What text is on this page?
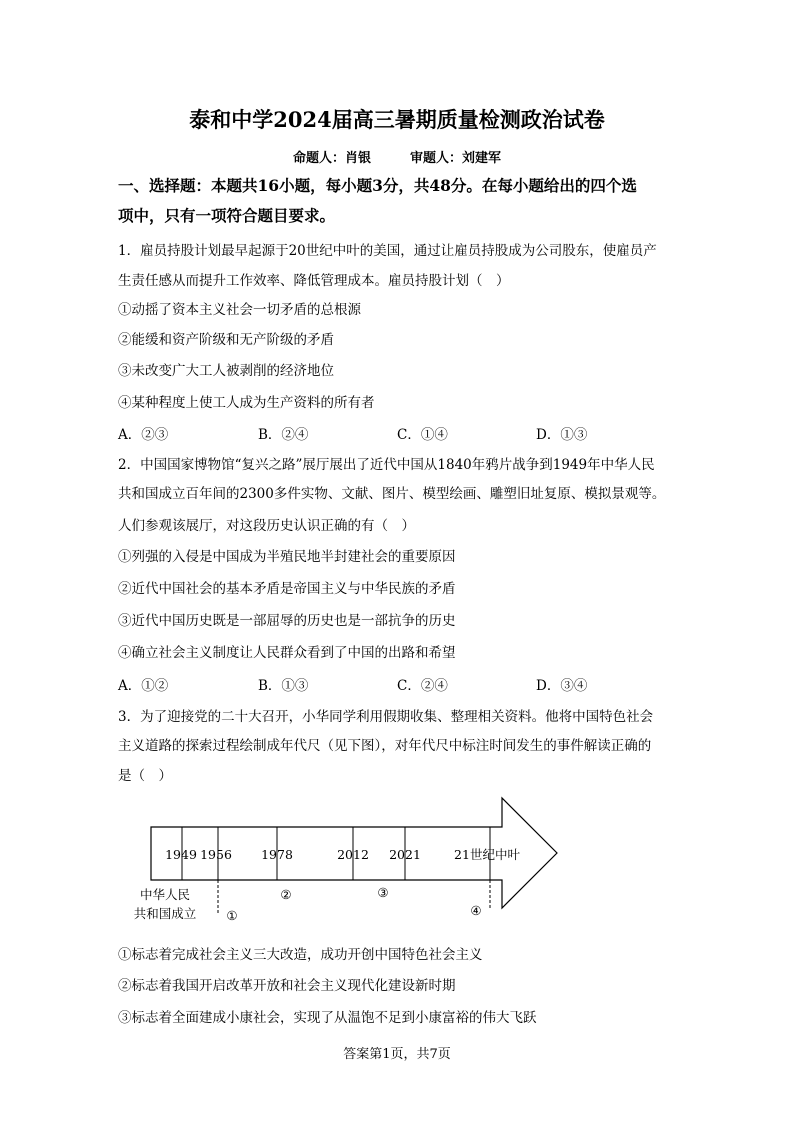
泰和中学2024届高三暑期质量检测政治试卷
命题人：肖银　　　审题人：刘建军
一、选择题：本题共16小题，每小题3分，共48分。在每小题给出的四个选
项中，只有一项符合题目要求。
1．雇员持股计划最早起源于20世纪中叶的美国，通过让雇员持股成为公司股东，使雇员产
生责任感从而提升工作效率、降低管理成本。雇员持股计划（　）
①动摇了资本主义社会一切矛盾的总根源
②能缓和资产阶级和无产阶级的矛盾
③未改变广大工人被剥削的经济地位
④某种程度上使工人成为生产资料的所有者
A．②③	B．②④	C．①④	D．①③
2．中国国家博物馆“复兴之路”展厅展出了近代中国从1840年鸦片战争到1949年中华人民
共和国成立百年间的2300多件实物、文献、图片、模型绘画、雕塑旧址复原、模拟景观等。
人们参观该展厅，对这段历史认识正确的有（　）
①列强的入侵是中国成为半殖民地半封建社会的重要原因
②近代中国社会的基本矛盾是帝国主义与中华民族的矛盾
③近代中国历史既是一部屈辱的历史也是一部抗争的历史
④确立社会主义制度让人民群众看到了中国的出路和希望
A．①②	B．①③	C．②④	D．③④
3．为了迎接党的二十大召开，小华同学利用假期收集、整理相关资料。他将中国特色社会
主义道路的探索过程绘制成年代尺（见下图），对年代尺中标注时间发生的事件解读正确的
是（　）
1949 1956 1978	2012 2021	21世纪中叶
中华人民
共和国成立 ①
②	③
④
①标志着完成社会主义三大改造，成功开创中国特色社会主义
②标志着我国开启改革开放和社会主义现代化建设新时期
③标志着全面建成小康社会，实现了从温饱不足到小康富裕的伟大飞跃
答案第1页，共7页
